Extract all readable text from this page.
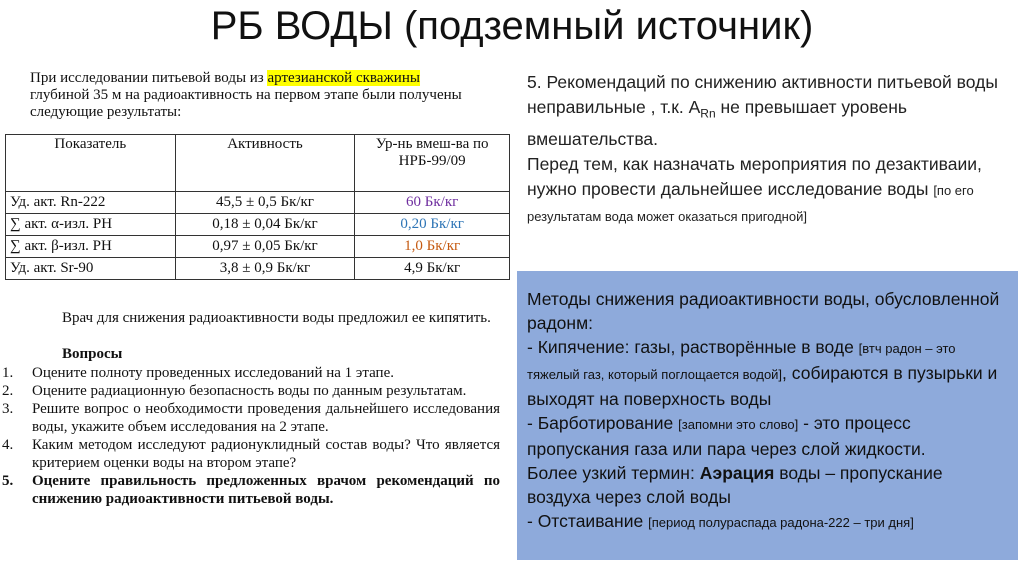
РБ ВОДЫ (подземный источник)
При исследовании питьевой воды из артезианской скважины глубиной 35 м на радиоактивность на первом этапе были получены следующие результаты:
Показатель	Активность	Ур-нь вмеш-ва по НРБ-99/09
Уд. акт. Rn-222	45,5 ± 0,5 Бк/кг	60 Бк/кг
∑ акт. α-изл. РН	0,18 ± 0,04 Бк/кг	0,20 Бк/кг
∑ акт. β-изл. РН	0,97 ± 0,05 Бк/кг	1,0 Бк/кг
Уд. акт. Sr-90	3,8 ± 0,9 Бк/кг	4,9 Бк/кг
Врач для снижения радиоактивности воды предложил ее кипятить.
Вопросы
1. Оцените полноту проведенных исследований на 1 этапе.
2. Оцените радиационную безопасность воды по данным результатам.
3. Решите вопрос о необходимости проведения дальнейшего исследования воды, укажите объем исследования на 2 этапе.
4. Каким методом исследуют радионуклидный состав воды? Что является критерием оценки воды на втором этапе?
5. Оцените правильность предложенных врачом рекомендаций по снижению радиоактивности питьевой воды.
5. Рекомендаций по снижению активности питьевой воды неправильные , т.к. $A_{Rn}$ не превышает уровень вмешательства.
Перед тем, как назначать мероприятия по дезактиваии, нужно провести дальнейшее исследование воды [по его результатам вода может оказаться пригодной]
Методы снижения радиоактивности воды, обусловленной радонм:
- Кипячение: газы, растворённые в воде [втч радон – это тяжелый газ, который поглощается водой], собираются в пузырьки и выходят на поверхность воды
- Барботирование [запомни это слово] - это процесс пропускания газа или пара через слой жидкости.
Более узкий термин: Аэрация воды – пропускание воздуха через слой воды
- Отстаивание [период полураспада радона-222 – три дня]
